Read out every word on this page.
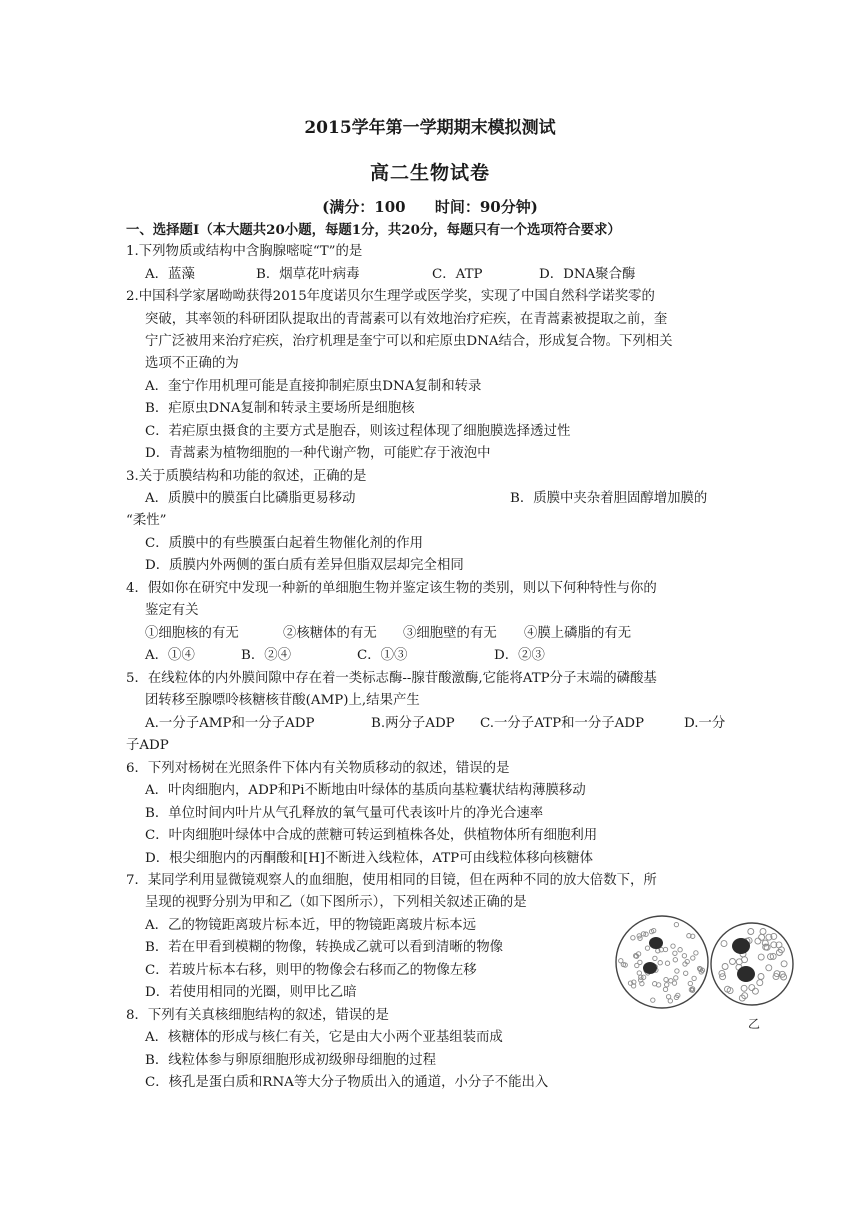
2015学年第一学期期末模拟测试
高二生物试卷
(满分：100 时间：90分钟)
一、选择题Ⅰ（本大题共20小题，每题1分，共20分，每题只有一个选项符合要求）
1.下列物质或结构中含胸腺嘧啶“T”的是
A．蓝藻	B．烟草花叶病毒	C．ATP	D．DNA聚合酶
2.中国科学家屠呦呦获得2015年度诺贝尔生理学或医学奖，实现了中国自然科学诺奖零的
突破，其率领的科研团队提取出的青蒿素可以有效地治疗疟疾，在青蒿素被提取之前，奎
宁广泛被用来治疗疟疾，治疗机理是奎宁可以和疟原虫DNA结合，形成复合物。下列相关
选项不正确的为
A．奎宁作用机理可能是直接抑制疟原虫DNA复制和转录
B．疟原虫DNA复制和转录主要场所是细胞核
C．若疟原虫摄食的主要方式是胞吞，则该过程体现了细胞膜选择透过性
D．青蒿素为植物细胞的一种代谢产物，可能贮存于液泡中
3.关于质膜结构和功能的叙述，正确的是
A．质膜中的膜蛋白比磷脂更易移动	B．质膜中夹杂着胆固醇增加膜的
“柔性”
C．质膜中的有些膜蛋白起着生物催化剂的作用
D．质膜内外两侧的蛋白质有差异但脂双层却完全相同
4．假如你在研究中发现一种新的单细胞生物并鉴定该生物的类别，则以下何种特性与你的
鉴定有关
①细胞核的有无	②核糖体的有无 ③细胞壁的有无 ④膜上磷脂的有无
A．①④	B．②④	C．①③	D．②③
5．在线粒体的内外膜间隙中存在着一类标志酶--腺苷酸激酶,它能将ATP分子末端的磷酸基
团转移至腺嘌呤核糖核苷酸(AMP)上,结果产生
A.一分子AMP和一分子ADP	B.两分子ADP C.一分子ATP和一分子ADP	D.一分
子ADP
6．下列对杨树在光照条件下体内有关物质移动的叙述，错误的是
A．叶肉细胞内，ADP和Pi不断地由叶绿体的基质向基粒囊状结构薄膜移动
B．单位时间内叶片从气孔释放的氧气量可代表该叶片的净光合速率
C．叶肉细胞叶绿体中合成的蔗糖可转运到植株各处，供植物体所有细胞利用
D．根尖细胞内的丙酮酸和[H]不断进入线粒体，ATP可由线粒体移向核糖体
7．某同学利用显微镜观察人的血细胞，使用相同的目镜，但在两种不同的放大倍数下，所
呈现的视野分别为甲和乙（如下图所示），下列相关叙述正确的是
A．乙的物镜距离玻片标本近，甲的物镜距离玻片标本远
B．若在甲看到模糊的物像，转换成乙就可以看到清晰的物像
C．若玻片标本右移，则甲的物像会右移而乙的物像左移
D．若使用相同的光圈，则甲比乙暗
乙
8．下列有关真核细胞结构的叙述，错误的是
A．核糖体的形成与核仁有关，它是由大小两个亚基组装而成
B．线粒体参与卵原细胞形成初级卵母细胞的过程
C．核孔是蛋白质和RNA等大分子物质出入的通道，小分子不能出入
